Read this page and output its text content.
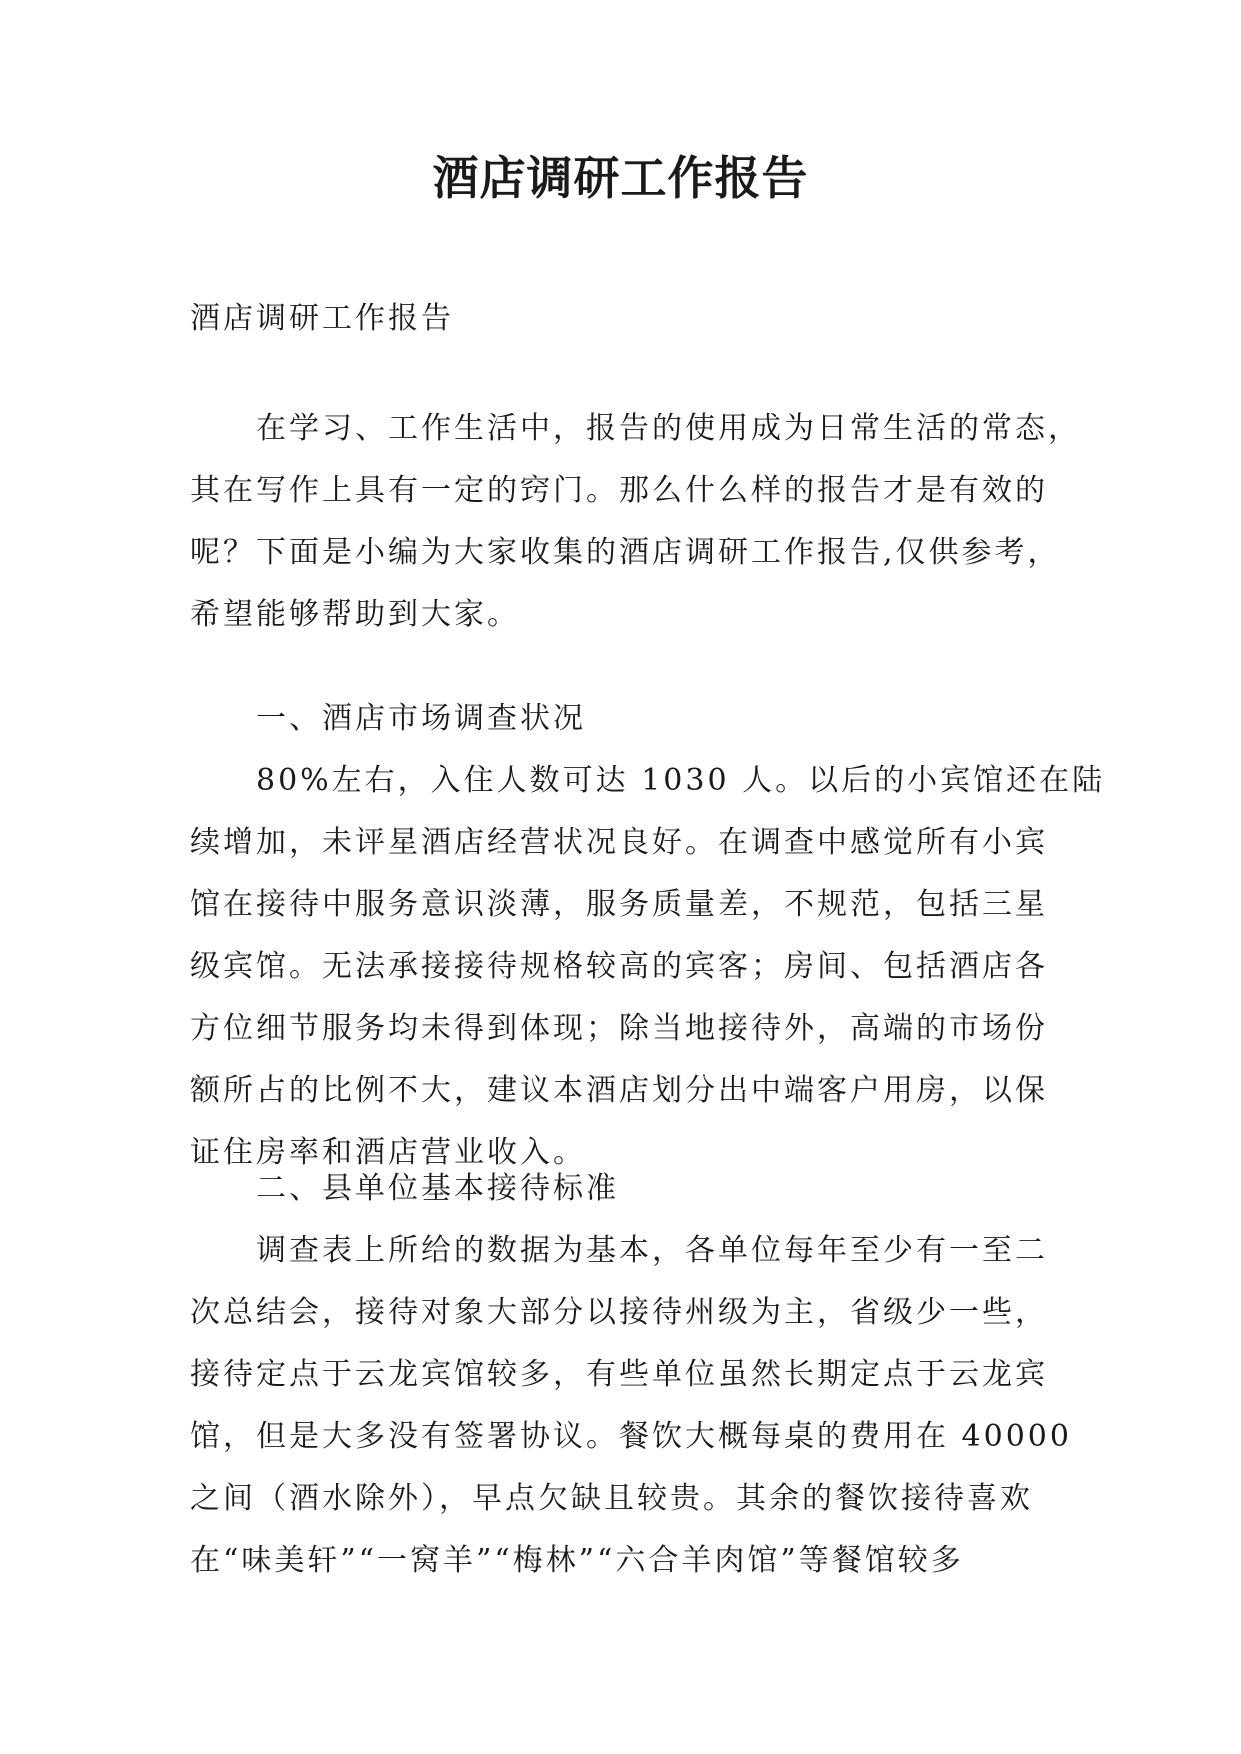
酒店调研工作报告
酒店调研工作报告
在学习、工作生活中，报告的使用成为日常生活的常态，
其在写作上具有一定的窍门。那么什么样的报告才是有效的
呢？下面是小编为大家收集的酒店调研工作报告,仅供参考，
希望能够帮助到大家。
一、酒店市场调查状况
80%左右，入住人数可达 1030 人。以后的小宾馆还在陆
续增加，未评星酒店经营状况良好。在调查中感觉所有小宾
馆在接待中服务意识淡薄，服务质量差，不规范，包括三星
级宾馆。无法承接接待规格较高的宾客；房间、包括酒店各
方位细节服务均未得到体现；除当地接待外，高端的市场份
额所占的比例不大，建议本酒店划分出中端客户用房，以保
证住房率和酒店营业收入。
二、县单位基本接待标准
调查表上所给的数据为基本，各单位每年至少有一至二
次总结会，接待对象大部分以接待州级为主，省级少一些，
接待定点于云龙宾馆较多，有些单位虽然长期定点于云龙宾
馆，但是大多没有签署协议。餐饮大概每桌的费用在 40000
之间（酒水除外），早点欠缺且较贵。其余的餐饮接待喜欢
在“味美轩”“一窝羊”“梅林”“六合羊肉馆”等餐馆较多
